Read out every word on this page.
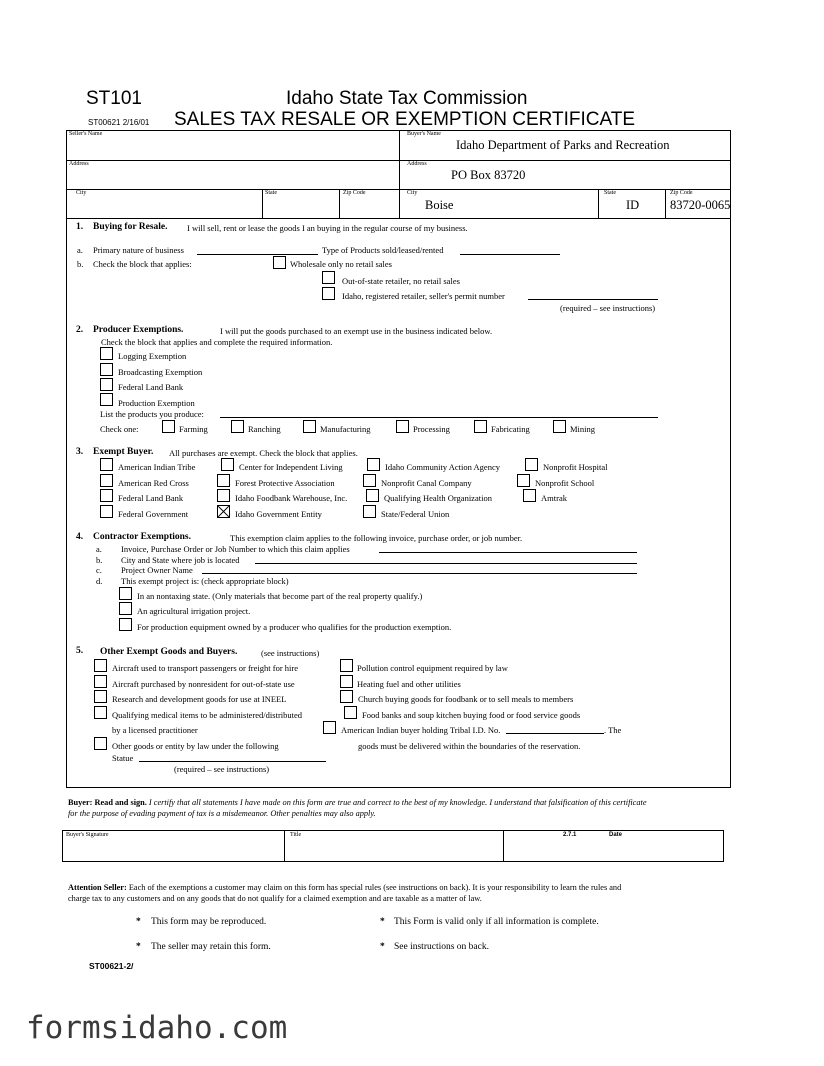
ST101	Idaho State Tax Commission
ST00621 2/16/01 SALES TAX RESALE OR EXEMPTION CERTIFICATE
Seller's Name
Address
City	State	Zip Code
Buyer's Name
Idaho Department of Parks and Recreation
Address
PO Box 83720
City
Boise
State
ID
Zip Code
83720-0065
1. Buying for Resale. I will sell, rent or lease the goods I an buying in the regular course of my business.
a. Primary nature of business	Type of Products sold/leased/rented
b. Check the block that applies:	Wholesale only no retail sales
Out-of-state retailer, no retail sales
Idaho, registered retailer, seller's permit number
(required – see instructions)
2. Producer Exemptions.	I will put the goods purchased to an exempt use in the business indicated below.
Check the block that applies and complete the required information.
Logging Exemption
Broadcasting Exemption
Federal Land Bank
Production Exemption
List the products you produce:
Check one:	Farming	Ranching	Manufacturing	Processing	Fabricating	Mining
3. Exempt Buyer. All purchases are exempt. Check the block that applies.
American Indian Tribe	Center for Independent Living	Idaho Community Action Agency	Nonprofit Hospital
American Red Cross	Forest Protective Association	Nonprofit Canal Company	Nonprofit School
Federal Land Bank	Idaho Foodbank Warehouse, Inc.	Qualifying Health Organization	Amtrak
Federal Government	Idaho Government Entity	State/Federal Union
4. Contractor Exemptions.	This exemption claim applies to the following invoice, purchase order, or job number.
a. Invoice, Purchase Order or Job Number to which this claim applies
b. City and State where job is located
c. Project Owner Name
d. This exempt project is: (check appropriate block)
In an nontaxing state. (Only materials that become part of the real property qualify.)
An agricultural irrigation project.
For production equipment owned by a producer who qualifies for the production exemption.
5. Other Exempt Goods and Buyers.	(see instructions)
Aircraft used to transport passengers or freight for hire
Aircraft purchased by nonresident for out-of-state use
Research and development goods for use at INEEL
Qualifying medical items to be administered/distributed
by a licensed practitioner
Other goods or entity by law under the following
Statue
(required – see instructions)
Pollution control equipment required by law
Heating fuel and other utilities
Church buying goods for foodbank or to sell meals to members
Food banks and soup kitchen buying food or food service goods
American Indian buyer holding Tribal I.D. No.	. The
goods must be delivered within the boundaries of the reservation.
Buyer: Read and sign. I certify that all statements I have made on this form are true and correct to the best of my knowledge. I understand that falsification of this certificate
for the purpose of evading payment of tax is a misdemeanor. Other penalties may also apply.
Buyer's Signature	Title	2.7.1	Date
Attention Seller: Each of the exemptions a customer may claim on this form has special rules (see instructions on back). It is your responsibility to learn the rules and
charge tax to any customers and on any goods that do not qualify for a claimed exemption and are taxable as a matter of law.
* This form may be reproduced.	* This Form is valid only if all information is complete.
* The seller may retain this form.	* See instructions on back.
ST00621-2/
formsidaho.com
